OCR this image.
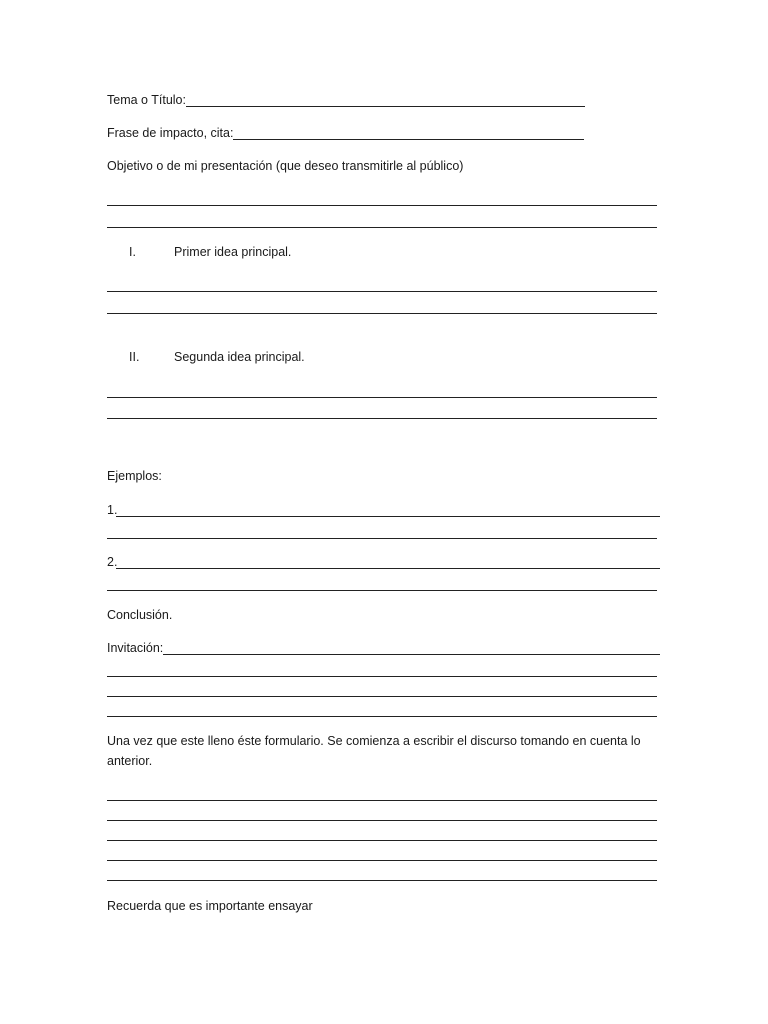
Tema o Título:
Frase de impacto, cita:
Objetivo o de mi presentación (que deseo transmitirle al público)
I.	Primer idea principal.
II.	Segunda idea principal.
Ejemplos:
1.
2.
Conclusión.
Invitación:
Una vez que este lleno éste formulario. Se comienza a escribir el discurso tomando en cuenta lo
anterior.
Recuerda que es importante ensayar
